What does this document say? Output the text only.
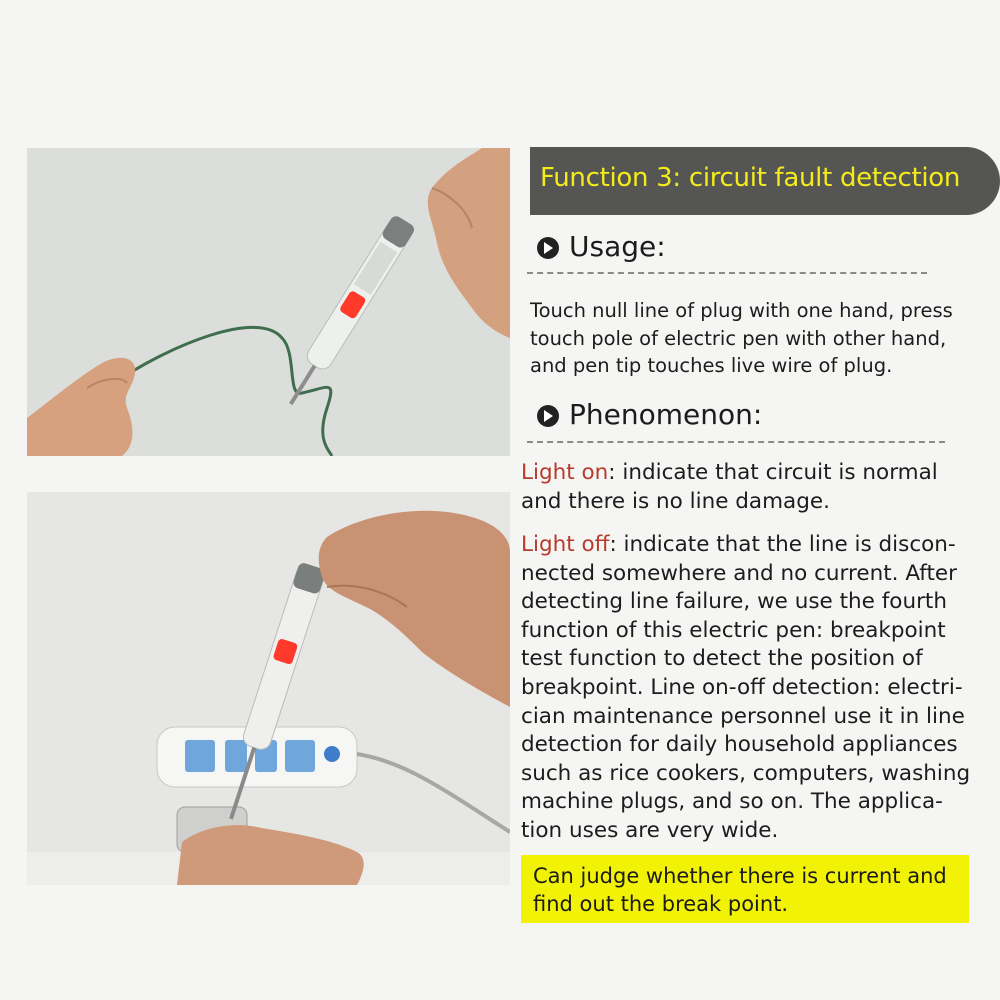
Function 3: circuit fault detection
Usage:
Touch null line of plug with one hand, press
touch pole of electric pen with other hand,
and pen tip touches live wire of plug.
Phenomenon:
Light on: indicate that circuit is normal
and there is no line damage.
Light off: indicate that the line is discon-
nected somewhere and no current. After
detecting line failure, we use the fourth
function of this electric pen: breakpoint
test function to detect the position of
breakpoint. Line on-off detection: electri-
cian maintenance personnel use it in line
detection for daily household appliances
such as rice cookers, computers, washing
machine plugs, and so on. The applica-
tion uses are very wide.
Can judge whether there is current and
find out the break point.
